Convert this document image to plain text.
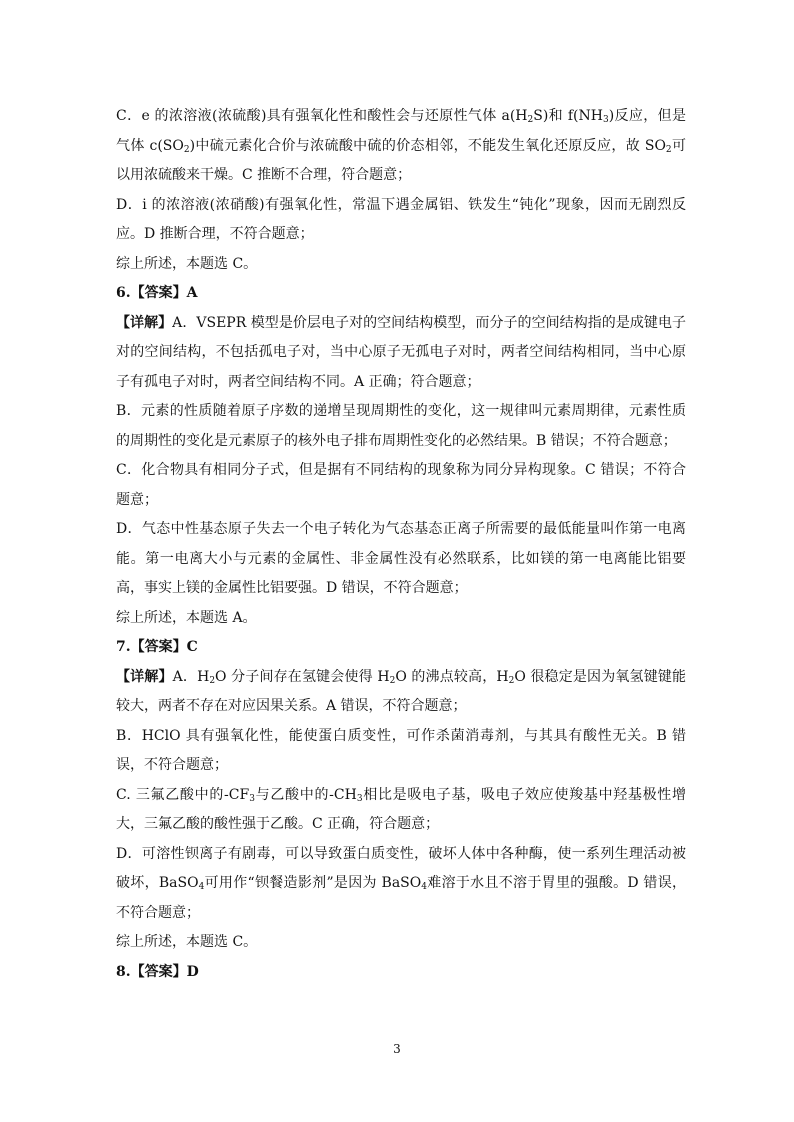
C．e 的浓溶液(浓硫酸)具有强氧化性和酸性会与还原性气体 $a(H_2S)$和 $f(NH_3)$反应，但是气体 $c(SO_2)$中硫元素化合价与浓硫酸中硫的价态相邻，不能发生氧化还原反应，故 $SO_2$可以用浓硫酸来干燥。C 推断不合理，符合题意；

D．i 的浓溶液(浓硝酸)有强氧化性，常温下遇金属铝、铁发生“钝化”现象，因而无剧烈反应。D 推断合理，不符合题意；

综上所述，本题选 C。

6.【答案】A

【详解】A．VSEPR 模型是价层电子对的空间结构模型，而分子的空间结构指的是成键电子对的空间结构，不包括孤电子对，当中心原子无孤电子对时，两者空间结构相同，当中心原子有孤电子对时，两者空间结构不同。A 正确；符合题意；

B．元素的性质随着原子序数的递增呈现周期性的变化，这一规律叫元素周期律，元素性质的周期性的变化是元素原子的核外电子排布周期性变化的必然结果。B 错误；不符合题意；

C．化合物具有相同分子式，但是据有不同结构的现象称为同分异构现象。C 错误；不符合题意；

D．气态中性基态原子失去一个电子转化为气态基态正离子所需要的最低能量叫作第一电离能。第一电离大小与元素的金属性、非金属性没有必然联系，比如镁的第一电离能比铝要高，事实上镁的金属性比铝要强。D 错误，不符合题意；

综上所述，本题选 A。

7.【答案】C

【详解】A．$H_2O$ 分子间存在氢键会使得 $H_2O$ 的沸点较高，$H_2O$ 很稳定是因为氧氢键键能较大，两者不存在对应因果关系。A 错误，不符合题意；

B．HClO 具有强氧化性，能使蛋白质变性，可作杀菌消毒剂，与其具有酸性无关。B 错误，不符合题意；

C. 三氟乙酸中的$-CF_3$与乙酸中的$-CH_3$相比是吸电子基，吸电子效应使羧基中羟基极性增大，三氟乙酸的酸性强于乙酸。C 正确，符合题意；

D．可溶性钡离子有剧毒，可以导致蛋白质变性，破坏人体中各种酶，使一系列生理活动被破坏，BaSO$_4$可用作“钡餐造影剂”是因为 BaSO$_4$难溶于水且不溶于胃里的强酸。D 错误，不符合题意；

综上所述，本题选 C。

8.【答案】D

3
